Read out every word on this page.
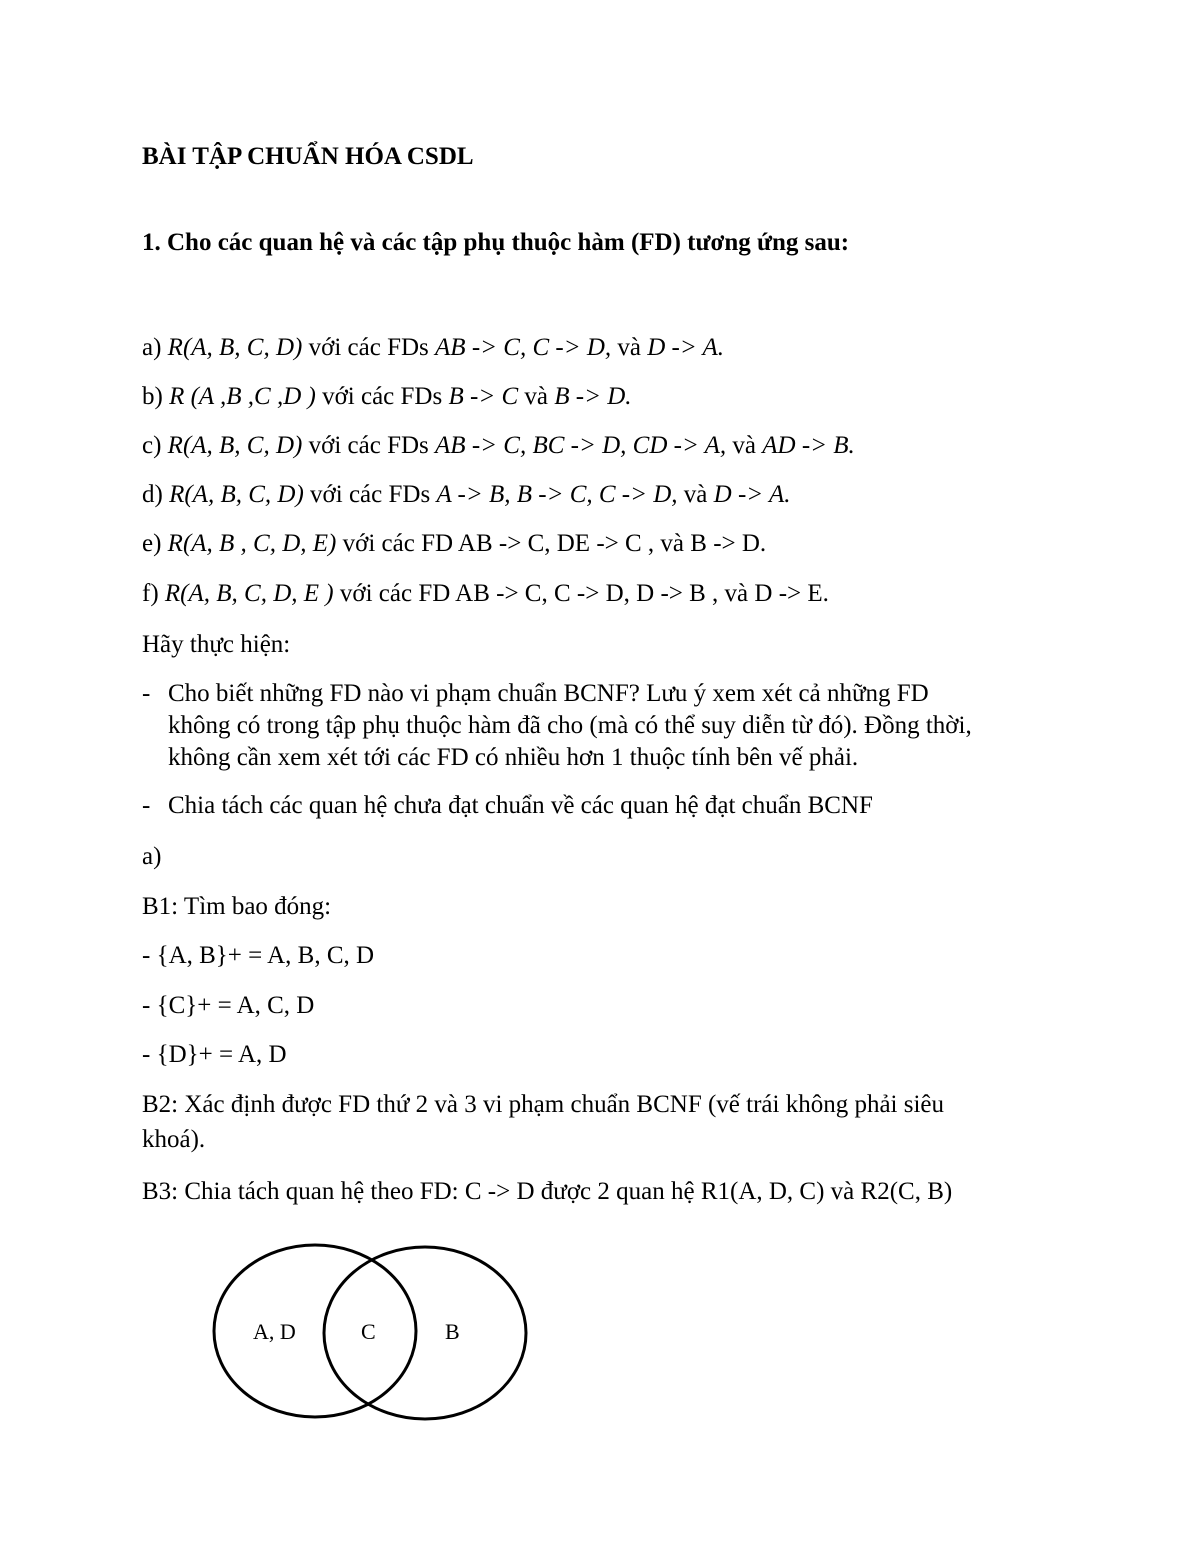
BÀI TẬP CHUẨN HÓA CSDL
1. Cho các quan hệ và các tập phụ thuộc hàm (FD) tương ứng sau:
a) R(A, B, C, D) với các FDs AB -> C, C -> D, và D -> A.
b) R (A ,B ,C ,D ) với các FDs B -> C và B -> D.
c) R(A, B, C, D) với các FDs AB -> C, BC -> D, CD -> A, và AD -> B.
d) R(A, B, C, D) với các FDs A -> B, B -> C, C -> D, và D -> A.
e) R(A, B , C, D, E) với các FD AB -> C, DE -> C , và B -> D.
f) R(A, B, C, D, E ) với các FD AB -> C, C -> D, D -> B , và D -> E.
Hãy thực hiện:
- Cho biết những FD nào vi phạm chuẩn BCNF? Lưu ý xem xét cả những FD
không có trong tập phụ thuộc hàm đã cho (mà có thể suy diễn từ đó). Đồng thời,
không cần xem xét tới các FD có nhiều hơn 1 thuộc tính bên vế phải.
- Chia tách các quan hệ chưa đạt chuẩn về các quan hệ đạt chuẩn BCNF
a)
B1: Tìm bao đóng:
- {A, B}+ = A, B, C, D
- {C}+ = A, C, D
- {D}+ = A, D
B2: Xác định được FD thứ 2 và 3 vi phạm chuẩn BCNF (vế trái không phải siêu
khoá).
B3: Chia tách quan hệ theo FD: C -> D được 2 quan hệ R1(A, D, C) và R2(C, B)
A, D	C	B
